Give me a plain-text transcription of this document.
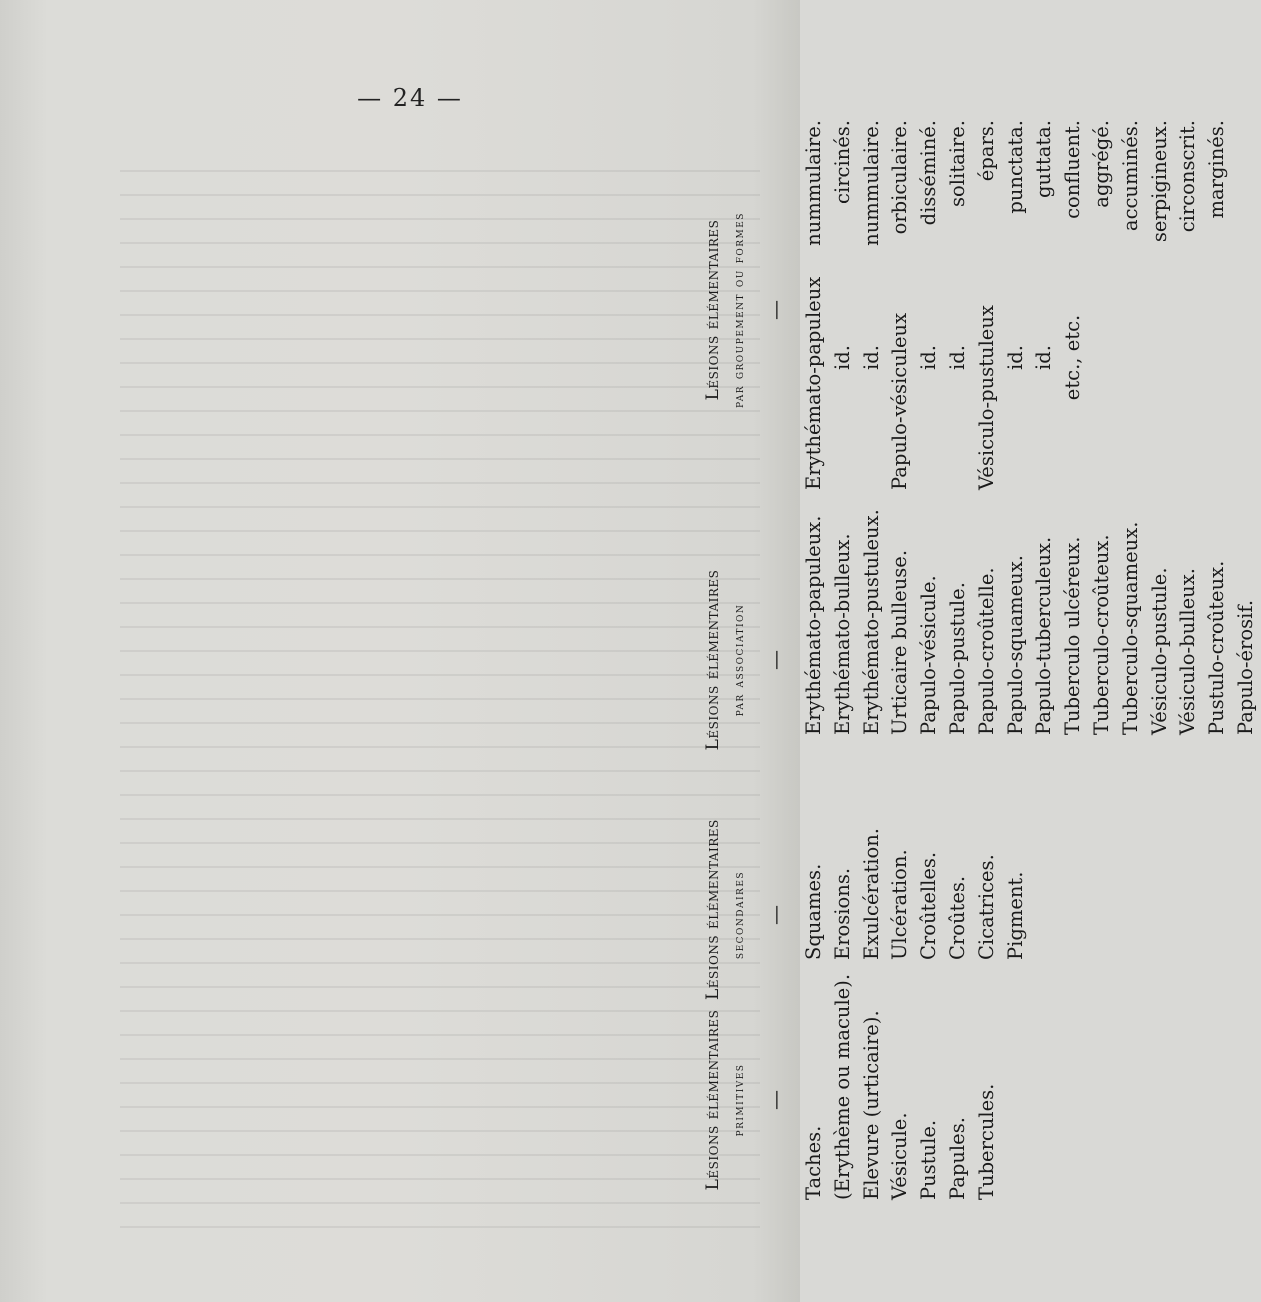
— 24 —
Lésions élémentaires primitives —
Taches. (Erythème ou macule). Elevure (urticaire). Vésicule. Pustule. Papules. Tubercules.
Lésions élémentaires secondaires — Squames. Erosions. Exulcération. Ulcération. Croûtelles. Croûtes. Cicatrices. Pigment.
Lésions élémentaires par association — Erythémato-papuleux. Erythémato-bulleux. Erythémato-pustuleux. Urticaire bulleuse. Papulo-vésicule. Papulo-pustule. Papulo-croûtelle. Papulo-squameux. Papulo-tuberculeux. Tuberculo ulcéreux. Tuberculo-croûteux. Tuberculo-squameux. Vésiculo-pustule. Vésiculo-bulleux. Pustulo-croûteux. Papulo-érosif.
Lésions élémentaires par groupement ou formes — Erythémato-papuleux
nummulaire.
id.
circinés.
id.
nummulaire.
Papulo-vésiculeux
orbiculaire.
id.
disséminé.
id.
solitaire.
Vésiculo-pustuleux
épars.
id.
punctata.
id.
guttata.
etc., etc.
confluent. aggrégé. accuminés. serpigineux. circonscrit. marginés.
